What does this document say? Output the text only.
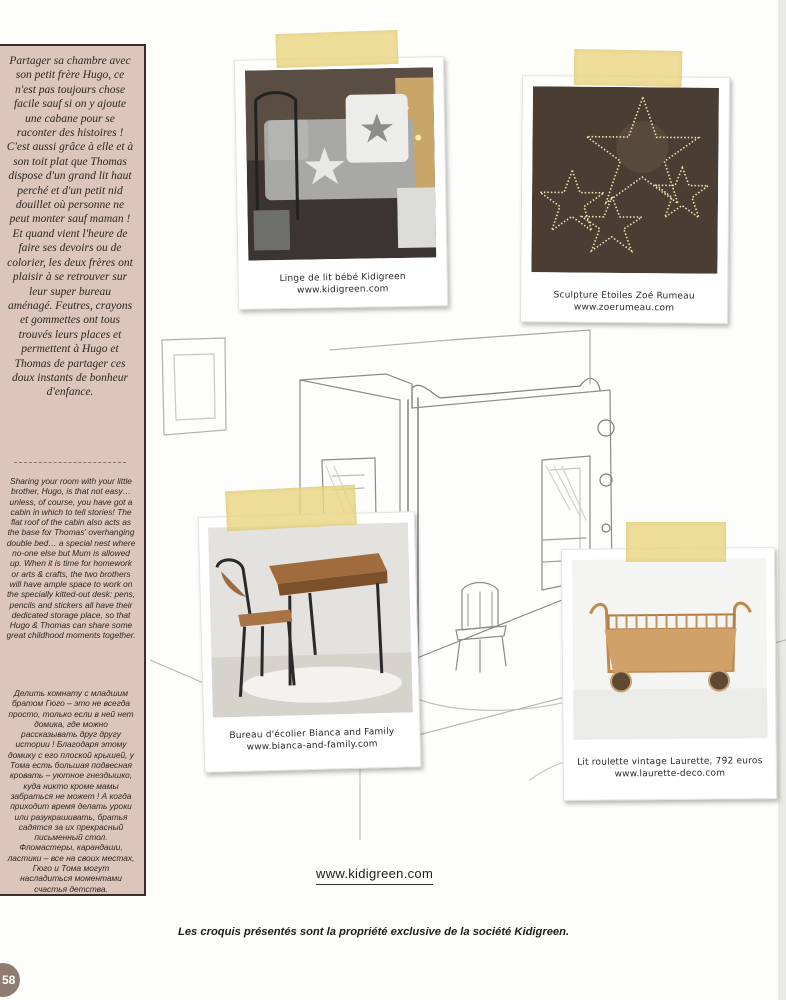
Partager sa chambre avec son petit frère Hugo, ce n'est pas toujours chose facile sauf si on y ajoute une cabane pour se raconter des histoires ! C'est aussi grâce à elle et à son toit plat que Thomas dispose d'un grand lit haut perché et d'un petit nid douillet où personne ne peut monter sauf maman ! Et quand vient l'heure de faire ses devoirs ou de colorier, les deux frères ont plaisir à se retrouver sur leur super bureau aménagé. Feutres, crayons et gommettes ont tous trouvés leurs places et permettent à Hugo et Thomas de partager ces doux instants de bonheur d'enfance.
Sharing your room with your little brother, Hugo, is that not easy… unless, of course, you have got a cabin in which to tell stories! The flat roof of the cabin also acts as the base for Thomas' overhanging double bed… a special nest where no-one else but Mum is allowed up. When it is time for homework or arts & crafts, the two brothers will have ample space to work on the specially kitted-out desk: pens, pencils and stickers all have their dedicated storage place, so that Hugo & Thomas can share some great childhood moments together.
Делить комнату с младшим братом Гюго – это не всегда просто, только если в ней нет домика, где можно рассказывать друг другу истории ! Благодаря этому домику с его плоской крышей, у Тома есть большая подвесная кровать – уютное гнездышко, куда никто кроме мамы забраться не может ! А когда приходит время делать уроки или разукрашивать, братья садятся за их прекрасный письменный стол. Фломастеры, карандаши, ластики – все на своих местах, Гюго и Тома могут насладиться моментами счастья детства.
Linge de lit bébé Kidigreen
www.kidigreen.com
Sculpture Etoiles Zoé Rumeau
www.zoerumeau.com
Bureau d'écolier Bianca and Family
www.bianca-and-family.com
Lit roulette vintage Laurette, 792 euros
www.laurette-deco.com
www.kidigreen.com
Les croquis présentés sont la propriété exclusive de la société Kidigreen.
58
